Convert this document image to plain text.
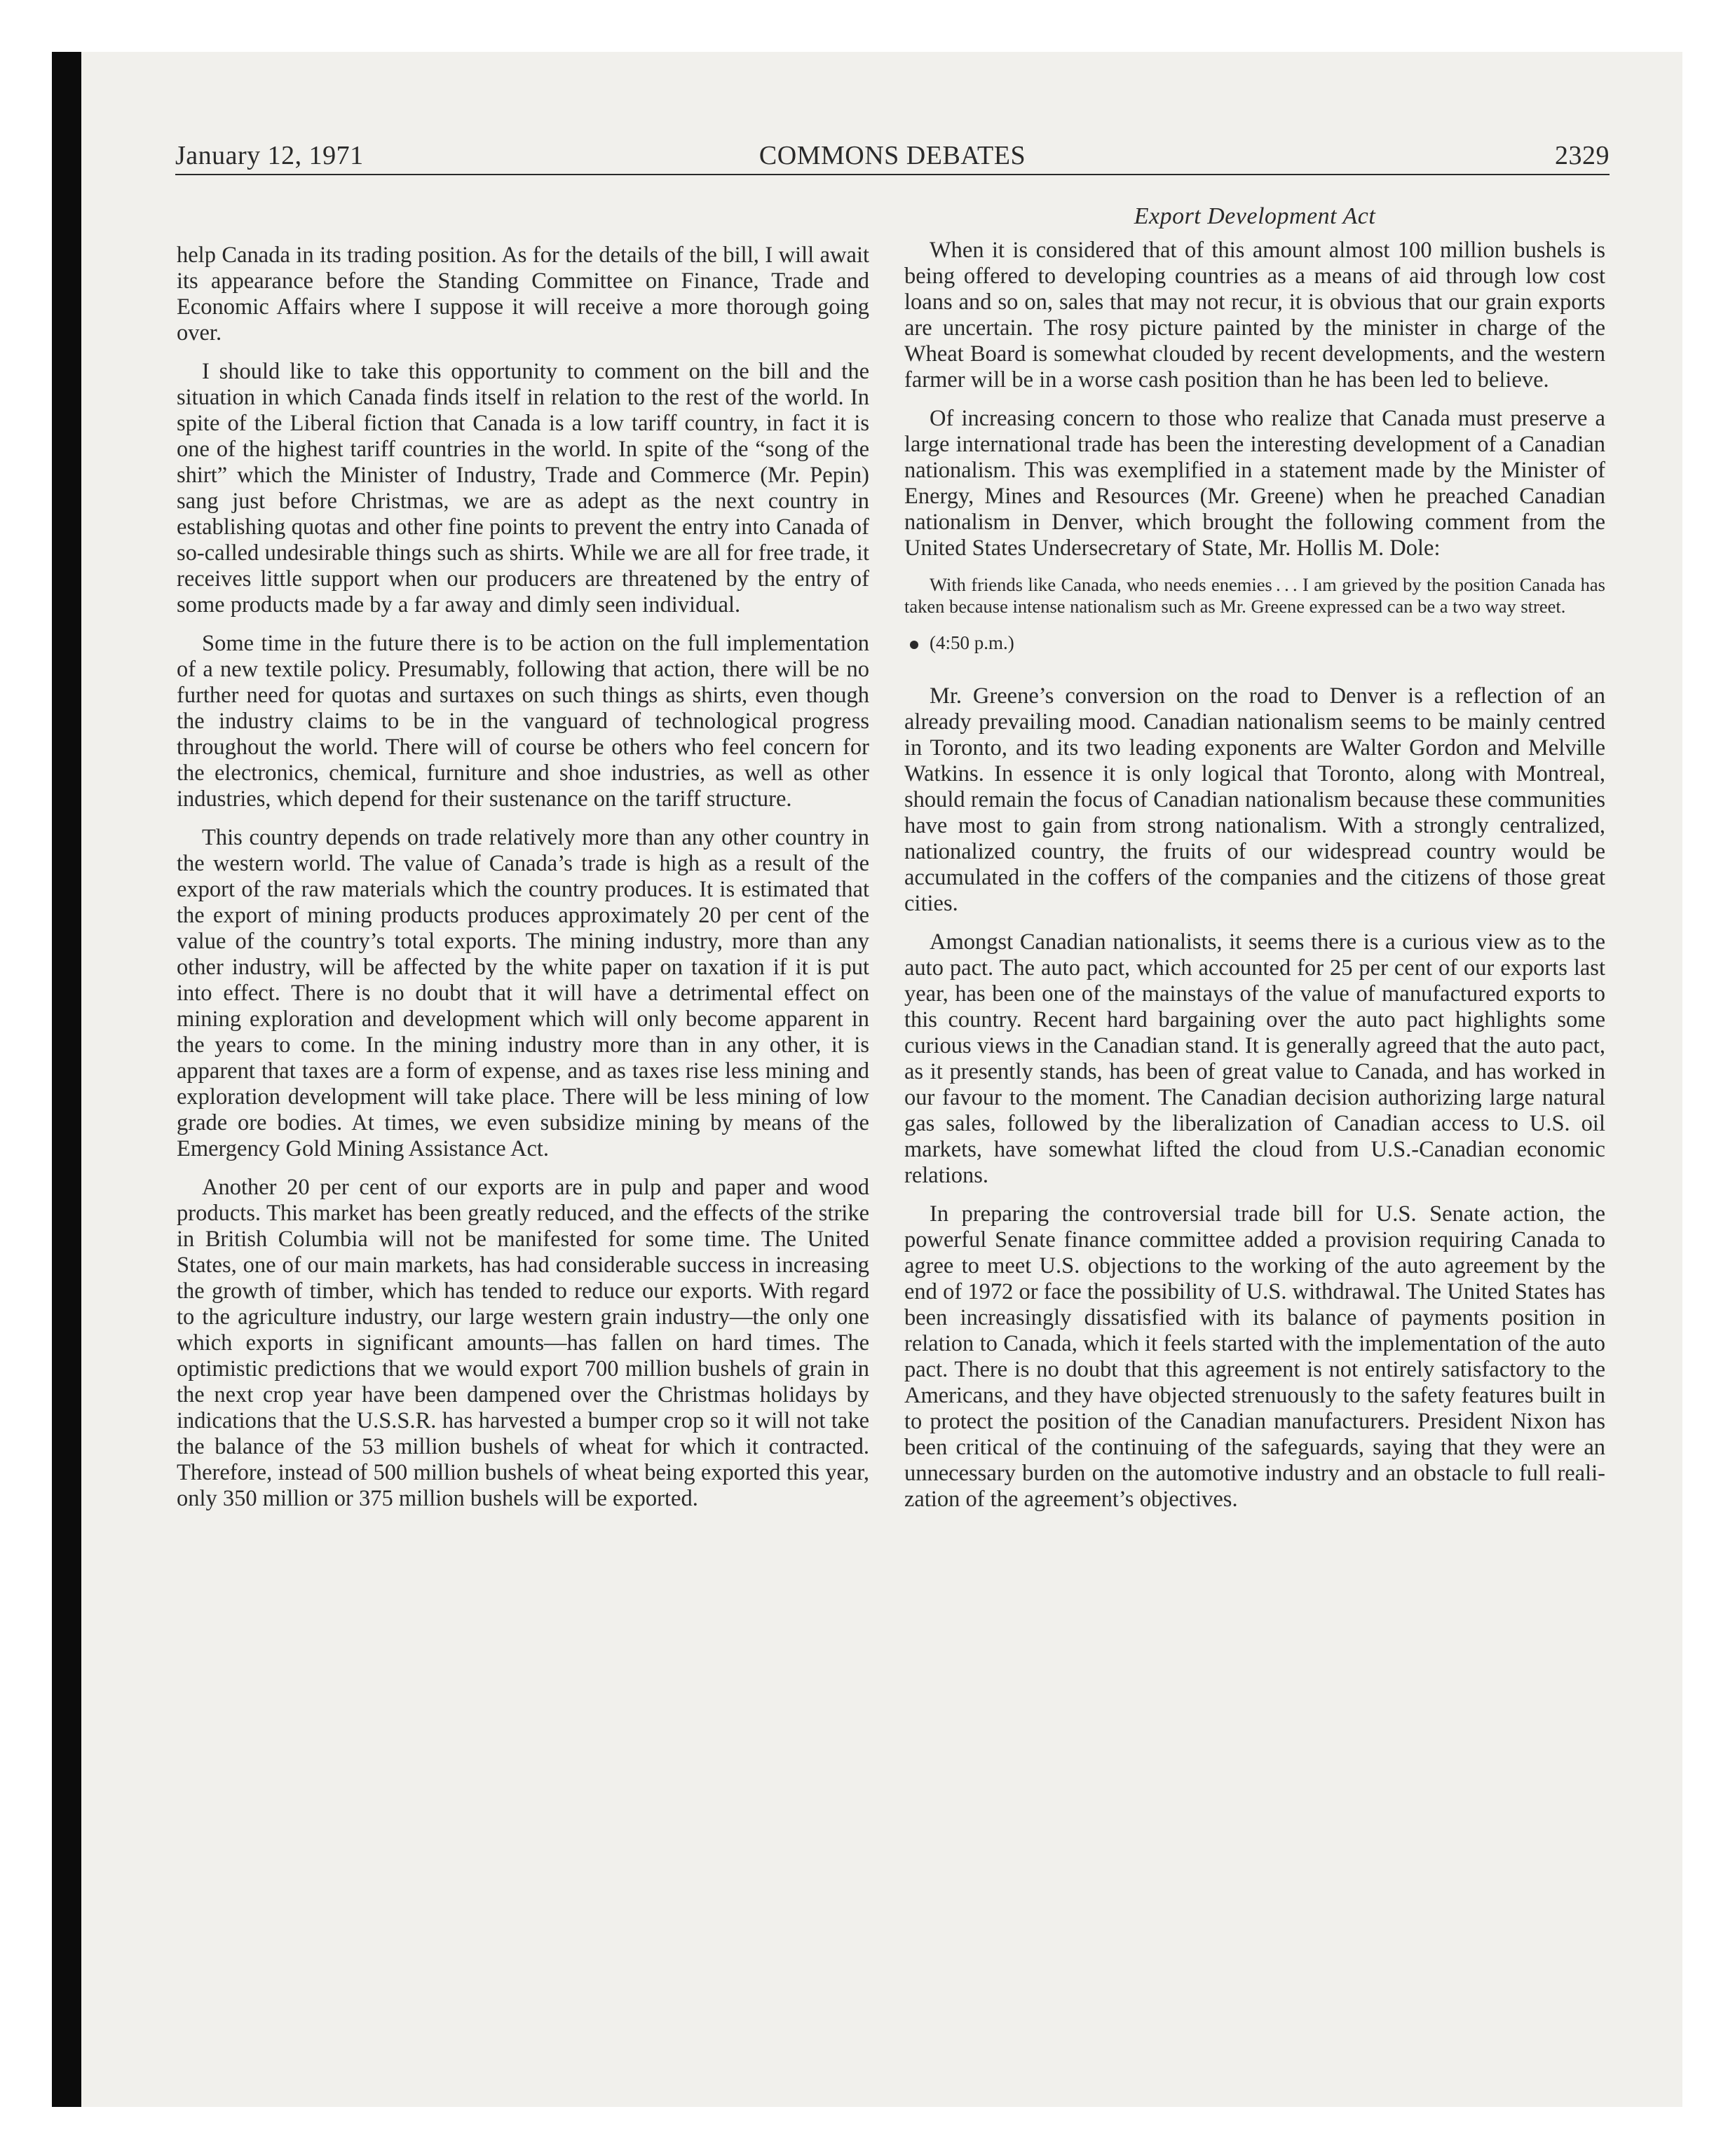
COMMONS DEBATES
January 12, 1971	2329

help Canada in its trading position. As for the details of the bill, I will await its appearance before the Standing Committee on Finance, Trade and Economic Affairs where I suppose it will receive a more thorough going over.

I should like to take this opportunity to comment on the bill and the situation in which Canada finds itself in relation to the rest of the world. In spite of the Liberal fiction that Canada is a low tariff country, in fact it is one of the highest tariff countries in the world. In spite of the “song of the shirt” which the Minister of Industry, Trade and Commerce (Mr. Pepin) sang just before Christmas, we are as adept as the next country in establishing quotas and other fine points to prevent the entry into Canada of so-called undesirable things such as shirts. While we are all for free trade, it receives little support when our producers are threatened by the entry of some products made by a far away and dimly seen individual.

Some time in the future there is to be action on the full implementation of a new textile policy. Presumably, following that action, there will be no further need for quotas and surtaxes on such things as shirts, even though the industry claims to be in the vanguard of technological progress throughout the world. There will of course be others who feel concern for the electronics, chemical, furniture and shoe industries, as well as other industries, which depend for their sustenance on the tariff structure.

This country depends on trade relatively more than any other country in the western world. The value of Canada’s trade is high as a result of the export of the raw materials which the country produces. It is estimated that the export of mining products produces approximately 20 per cent of the value of the country’s total exports. The mining industry, more than any other industry, will be affected by the white paper on taxation if it is put into effect. There is no doubt that it will have a detrimental effect on mining exploration and development which will only become apparent in the years to come. In the mining industry more than in any other, it is apparent that taxes are a form of expense, and as taxes rise less mining and exploration development will take place. There will be less mining of low grade ore bodies. At times, we even subsidize mining by means of the Emergency Gold Mining Assistance Act.

Another 20 per cent of our exports are in pulp and paper and wood products. This market has been greatly reduced, and the effects of the strike in British Columbia will not be manifested for some time. The United States, one of our main markets, has had considerable success in increasing the growth of timber, which has tended to reduce our exports. With regard to the agriculture industry, our large western grain industry—the only one which exports in significant amounts—has fallen on hard times. The optimistic predictions that we would export 700 million bushels of grain in the next crop year have been dampened over the Christmas holidays by indications that the U.S.S.R. has harvested a bumper crop so it will not take the balance of the 53 million bushels of wheat for which it contracted. Therefore, instead of 500 million bushels of wheat being exported this year, only 350 million or 375 million bushels will be exported.

Export Development Act

When it is considered that of this amount almost 100 million bushels is being offered to developing countries as a means of aid through low cost loans and so on, sales that may not recur, it is obvious that our grain exports are uncertain. The rosy picture painted by the minister in charge of the Wheat Board is somewhat clouded by recent developments, and the western farmer will be in a worse cash position than he has been led to believe.

Of increasing concern to those who realize that Canada must preserve a large international trade has been the interesting development of a Canadian nationalism. This was exemplified in a statement made by the Minister of Energy, Mines and Resources (Mr. Greene) when he preached Canadian nationalism in Denver, which brought the following comment from the United States Undersecretary of State, Mr. Hollis M. Dole:

With friends like Canada, who needs enemies . . . I am grieved by the position Canada has taken because intense nationalism such as Mr. Greene expressed can be a two way street.

(4:50 p.m.)

Mr. Greene’s conversion on the road to Denver is a reflection of an already prevailing mood. Canadian nationalism seems to be mainly centred in Toronto, and its two leading exponents are Walter Gordon and Melville Watkins. In essence it is only logical that Toronto, along with Montreal, should remain the focus of Canadian nationalism because these communities have most to gain from strong nationalism. With a strongly centralized, nationalized country, the fruits of our widespread country would be accumulated in the coffers of the companies and the citizens of those great cities.

Amongst Canadian nationalists, it seems there is a curious view as to the auto pact. The auto pact, which accounted for 25 per cent of our exports last year, has been one of the mainstays of the value of manufactured exports to this country. Recent hard bargaining over the auto pact highlights some curious views in the Canadian stand. It is generally agreed that the auto pact, as it presently stands, has been of great value to Canada, and has worked in our favour to the moment. The Canadian decision authorizing large natural gas sales, followed by the liberalization of Canadian access to U.S. oil markets, have somewhat lifted the cloud from U.S.-Canadian economic relations.

In preparing the controversial trade bill for U.S. Senate action, the powerful Senate finance committee added a provision requiring Canada to agree to meet U.S. objections to the working of the auto agreement by the end of 1972 or face the possibility of U.S. withdrawal. The United States has been increasingly dissatisfied with its balance of payments position in relation to Canada, which it feels started with the implementation of the auto pact. There is no doubt that this agreement is not entirely satisfactory to the Americans, and they have objected strenuously to the safety features built in to protect the position of the Canadian manufacturers. President Nixon has been critical of the continuing of the safeguards, saying that they were an unnecessary burden on the automotive industry and an obstacle to full realization of the agreement’s objectives.
